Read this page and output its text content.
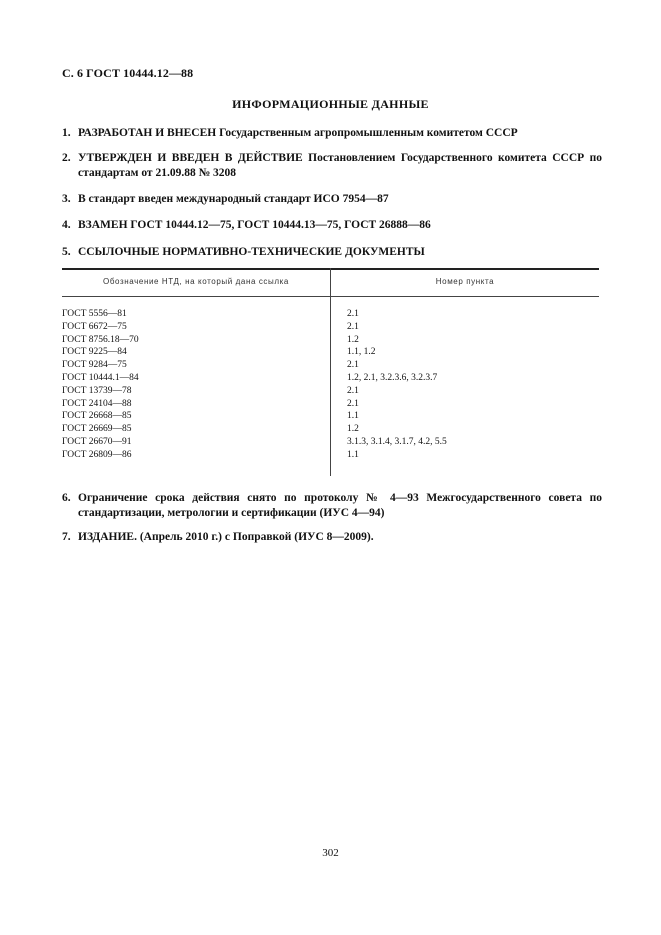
С. 6 ГОСТ 10444.12—88
ИНФОРМАЦИОННЫЕ ДАННЫЕ
1. РАЗРАБОТАН И ВНЕСЕН Государственным агропромышленным комитетом СССР
2. УТВЕРЖДЕН И ВВЕДЕН В ДЕЙСТВИЕ Постановлением Государственного комитета СССР по стандартам от 21.09.88 № 3208
3. В стандарт введен международный стандарт ИСО 7954—87
4. ВЗАМЕН ГОСТ 10444.12—75, ГОСТ 10444.13—75, ГОСТ 26888—86
5. ССЫЛОЧНЫЕ НОРМАТИВНО-ТЕХНИЧЕСКИЕ ДОКУМЕНТЫ
Обозначение НТД, на который дана ссылка	Номер пункта
ГОСТ 5556—81	2.1
ГОСТ 6672—75	2.1
ГОСТ 8756.18—70	1.2
ГОСТ 9225—84	1.1, 1.2
ГОСТ 9284—75	2.1
ГОСТ 10444.1—84	1.2, 2.1, 3.2.3.6, 3.2.3.7
ГОСТ 13739—78	2.1
ГОСТ 24104—88	2.1
ГОСТ 26668—85	1.1
ГОСТ 26669—85	1.2
ГОСТ 26670—91	3.1.3, 3.1.4, 3.1.7, 4.2, 5.5
ГОСТ 26809—86	1.1
6. Ограничение срока действия снято по протоколу № 4—93 Межгосударственного совета по стандартизации, метрологии и сертификации (ИУС 4—94)
7. ИЗДАНИЕ. (Апрель 2010 г.) с Поправкой (ИУС 8—2009).
302
